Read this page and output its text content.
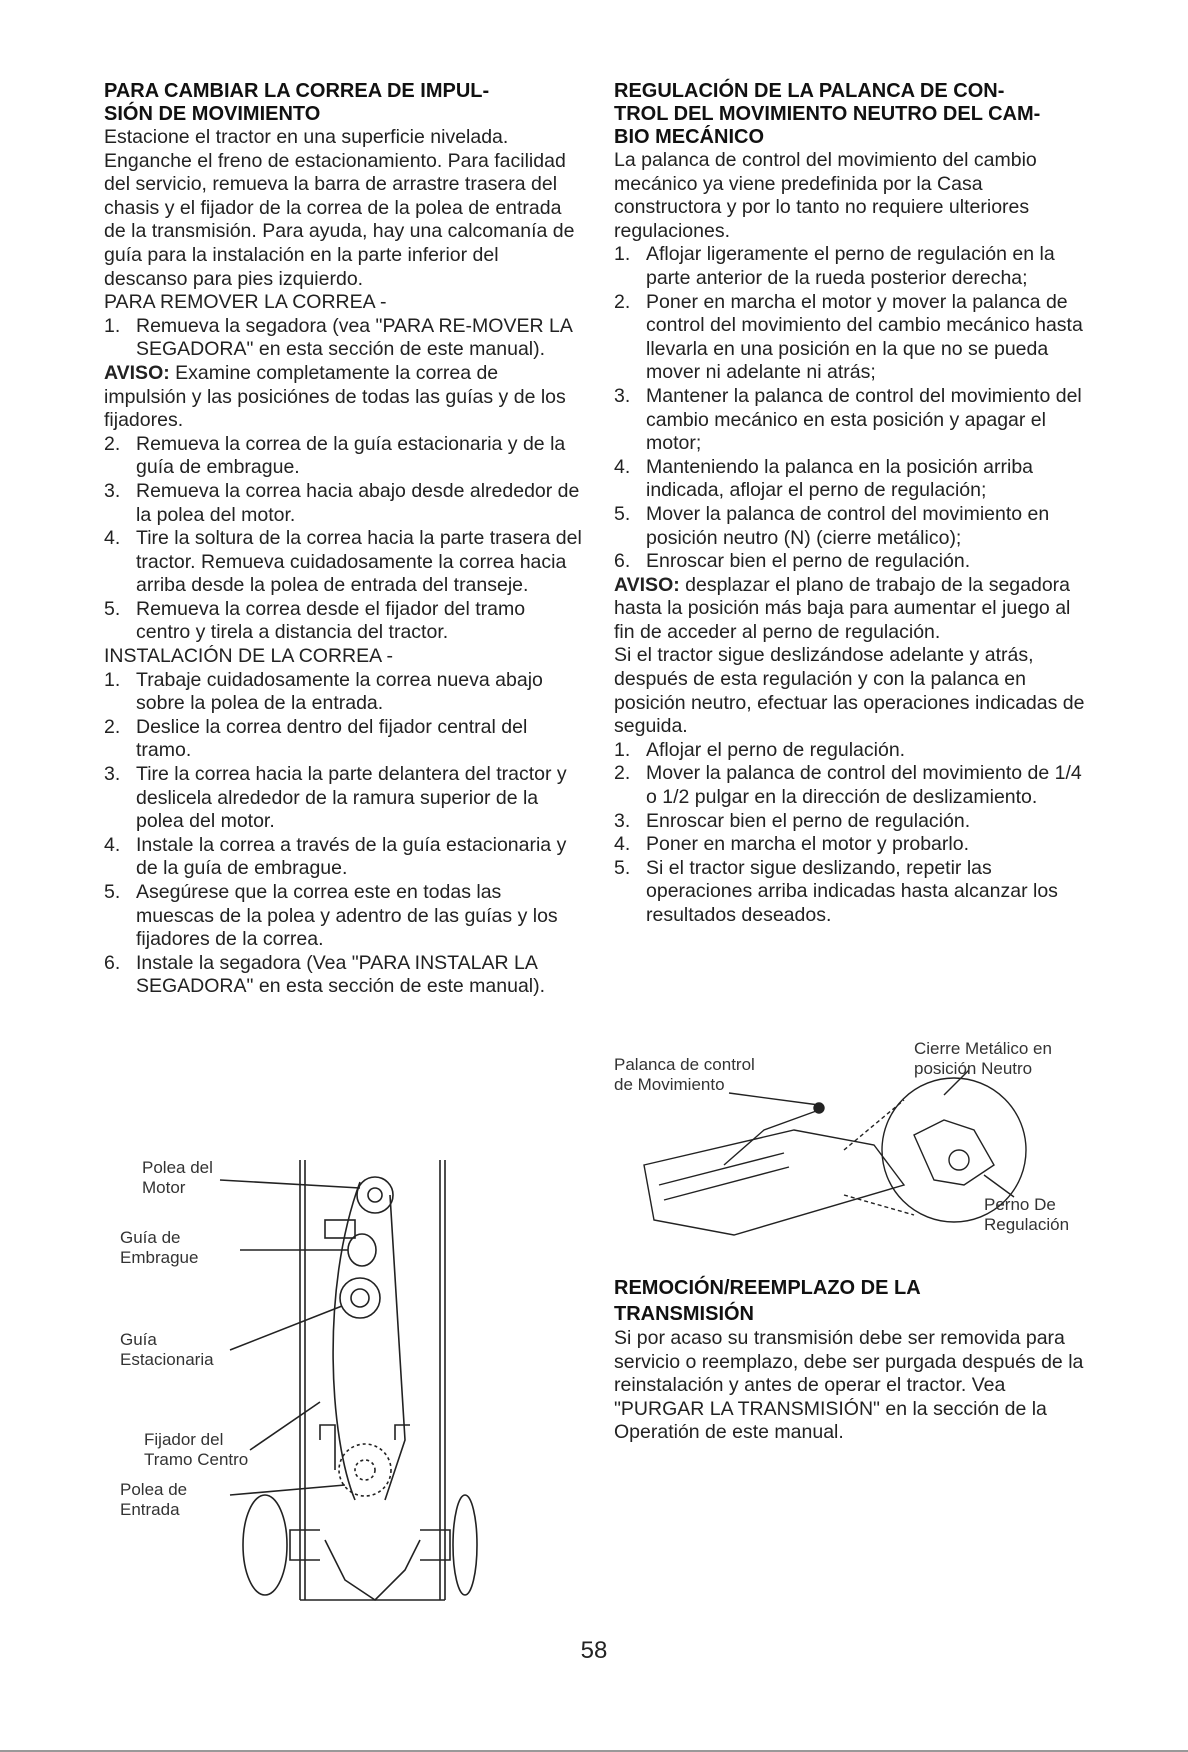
PARA CAMBIAR LA CORREA DE IMPUL-
SIÓN DE MOVIMIENTO

Estacione el tractor en una superficie nivelada. Enganche el freno de estacionamiento. Para facilidad del servicio, remueva la barra de arrastre trasera del chasis y el fijador de la correa de la polea de entrada de la transmisión. Para ayuda, hay una calcomanía de guía para la instalación en la parte inferior del descanso para pies izquierdo.

PARA REMOVER LA CORREA -

1. Remueva la segadora (vea "PARA RE-MOVER LA SEGADORA" en esta sección de este manual).

AVISO: Examine completamente la correa de impulsión y las posiciónes de todas las guías y de los fijadores.

2. Remueva la correa de la guía estacionaria y de la guía de embrague.
3. Remueva la correa hacia abajo desde alrededor de la polea del motor.
4. Tire la soltura de la correa hacia la parte trasera del tractor. Remueva cuidadosamente la correa hacia arriba desde la polea de entrada del transeje.
5. Remueva la correa desde el fijador del tramo centro y tirela a distancia del tractor.

INSTALACIÓN DE LA CORREA -

1. Trabaje cuidadosamente la correa nueva abajo sobre la polea de la entrada.
2. Deslice la correa dentro del fijador central del tramo.
3. Tire la correa hacia la parte delantera del tractor y deslicela alrededor de la ramura superior de la polea del motor.
4. Instale la correa a través de la guía estacionaria y de la guía de embrague.
5. Asegúrese que la correa este en todas las muescas de la polea y adentro de las guías y los fijadores de la correa.
6. Instale la segadora (Vea "PARA INSTALAR LA SEGADORA" en esta sección de este manual).
Polea del
Motor
Guía de
Embrague
Guía
Estacionaria
Fijador del
Tramo Centro
Polea de
Entrada
REGULACIÓN DE LA PALANCA DE CON-
TROL DEL MOVIMIENTO NEUTRO DEL CAM-
BIO MECÁNICO

La palanca de control del movimiento del cambio mecánico ya viene predefinida por la Casa constructora y por lo tanto no requiere ulteriores regulaciones.

1. Aflojar ligeramente el perno de regulación en la parte anterior de la rueda posterior derecha;
2. Poner en marcha el motor y mover la palanca de control del movimiento del cambio mecánico hasta llevarla en una posición en la que no se pueda mover ni adelante ni atrás;
3. Mantener la palanca de control del movimiento del cambio mecánico en esta posición y apagar el motor;
4. Manteniendo la palanca en la posición arriba indicada, aflojar el perno de regulación;
5. Mover la palanca de control del movimiento en posición neutro (N) (cierre metálico);
6. Enroscar bien el perno de regulación.

AVISO: desplazar el plano de trabajo de la segadora hasta la posición más baja para aumentar el juego al fin de acceder al perno de regulación.

Si el tractor sigue deslizándose adelante y atrás, después de esta regulación y con la palanca en posición neutro, efectuar las operaciones indicadas de seguida.

1. Aflojar el perno de regulación.
2. Mover la palanca de control del movimiento de 1/4 o 1/2 pulgar en la dirección de deslizamiento.
3. Enroscar bien el perno de regulación.
4. Poner en marcha el motor y probarlo.
5. Si el tractor sigue deslizando, repetir las operaciones arriba indicadas hasta alcanzar los resultados deseados.
Palanca de control
de Movimiento
Cierre Metálico en
posición Neutro
Perno De
Regulación
REMOCIÓN/REEMPLAZO DE LA
TRANSMISIÓN

Si por acaso su transmisión debe ser removida para servicio o reemplazo, debe ser purgada después de la reinstalación y antes de operar el tractor. Vea "PURGAR LA TRANSMISIÓN" en la sección de la Operatión de este manual.

58
